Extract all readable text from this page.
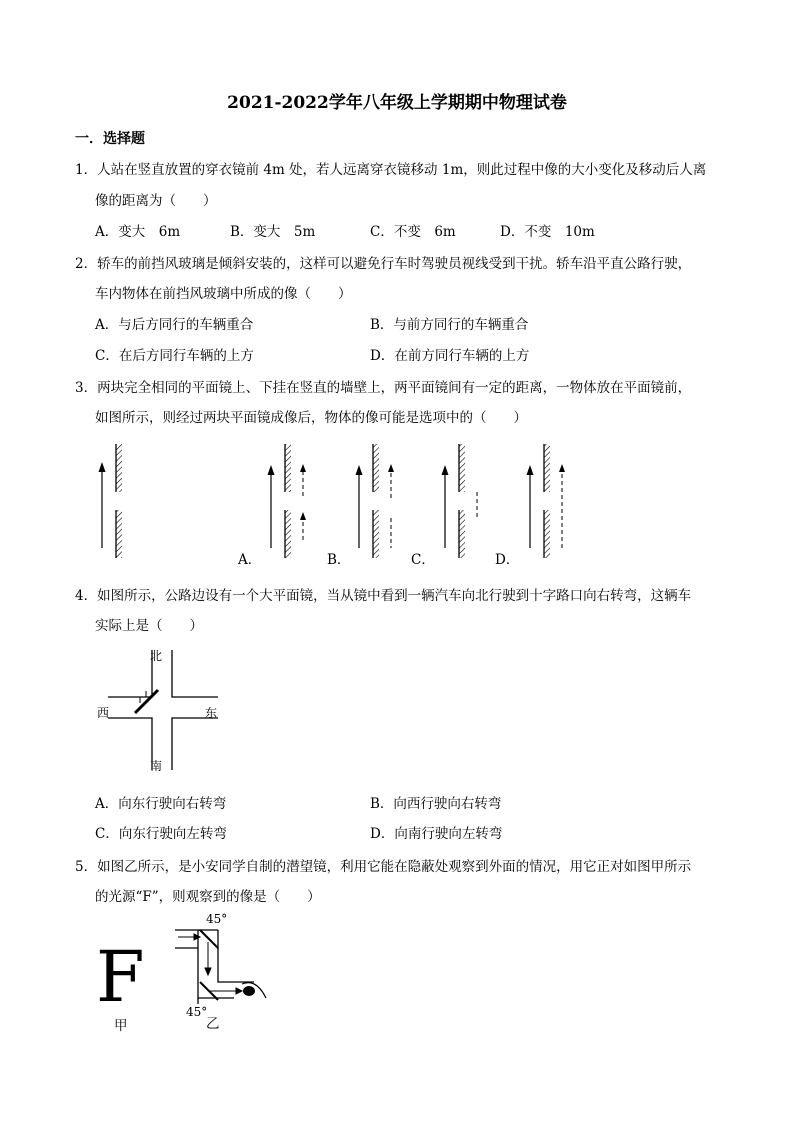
2021-2022学年八年级上学期期中物理试卷
一．选择题
1．人站在竖直放置的穿衣镜前 4m 处，若人远离穿衣镜移动 1m，则此过程中像的大小变化及移动后人离
像的距离为（　　）
A．变大　6m	B．变大　5m	C．不变　6m	D．不变　10m
2．轿车的前挡风玻璃是倾斜安装的，这样可以避免行车时驾驶员视线受到干扰。轿车沿平直公路行驶，
车内物体在前挡风玻璃中所成的像（　　）
A．与后方同行的车辆重合	B．与前方同行的车辆重合
C．在后方同行车辆的上方	D．在前方同行车辆的上方
3．两块完全相同的平面镜上、下挂在竖直的墙壁上，两平面镜间有一定的距离，一物体放在平面镜前，
如图所示，则经过两块平面镜成像后，物体的像可能是选项中的（　　）
A．	B．	C．	D．
4．如图所示，公路边设有一个大平面镜，当从镜中看到一辆汽车向北行驶到十字路口向右转弯，这辆车
实际上是（　　）
北
南
西	东
A．向东行驶向右转弯	B．向西行驶向右转弯
C．向东行驶向左转弯	D．向南行驶向左转弯
5．如图乙所示，是小安同学自制的潜望镜，利用它能在隐蔽处观察到外面的情况，用它正对如图甲所示
的光源“F”，则观察到的像是（　　）
F
甲
45°
45°
乙
